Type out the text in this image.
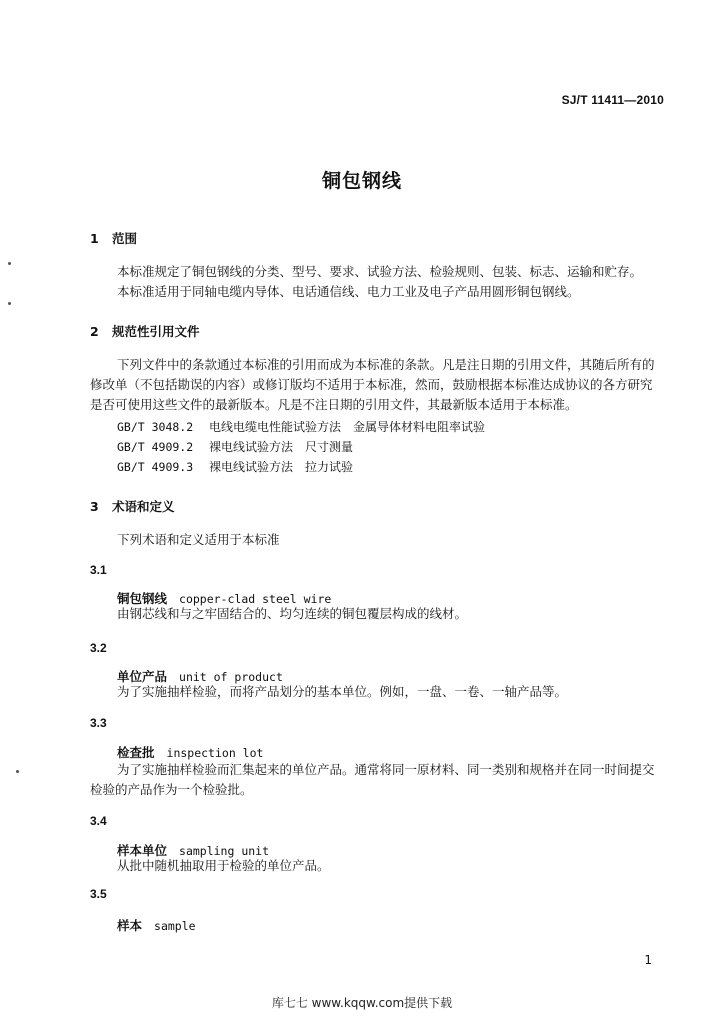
SJ/T 11411—2010
铜包钢线
1 范围
本标准规定了铜包钢线的分类、型号、要求、试验方法、检验规则、包装、标志、运输和贮存。
本标准适用于同轴电缆内导体、电话通信线、电力工业及电子产品用圆形铜包钢线。
2 规范性引用文件
下列文件中的条款通过本标准的引用而成为本标准的条款。凡是注日期的引用文件，其随后所有的
修改单（不包括勘误的内容）或修订版均不适用于本标准，然而，鼓励根据本标准达成协议的各方研究
是否可使用这些文件的最新版本。凡是不注日期的引用文件，其最新版本适用于本标准。
GB/T 3048.2 电线电缆电性能试验方法　金属导体材料电阻率试验
GB/T 4909.2 裸电线试验方法　尺寸测量
GB/T 4909.3 裸电线试验方法　拉力试验
3 术语和定义
下列术语和定义适用于本标准
3.1
铜包钢线 copper-clad steel wire
由钢芯线和与之牢固结合的、均匀连续的铜包覆层构成的线材。
3.2
单位产品 unit of product
为了实施抽样检验，而将产品划分的基本单位。例如，一盘、一卷、一轴产品等。
3.3
检查批 inspection lot
为了实施抽样检验而汇集起来的单位产品。通常将同一原材料、同一类别和规格并在同一时间提交
检验的产品作为一个检验批。
3.4
样本单位 sampling unit
从批中随机抽取用于检验的单位产品。
3.5
样本 sample
1
库七七 www.kqqw.com提供下载
